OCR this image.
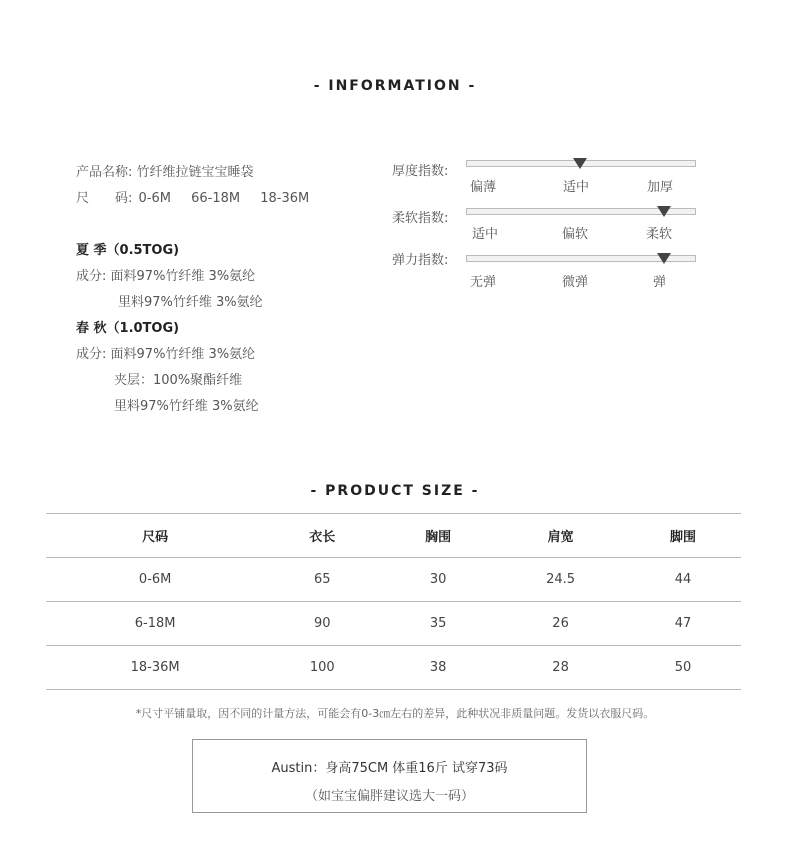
- INFORMATION -
产品名称: 竹纤维拉链宝宝睡袋
尺　　码: 0-6M 66-18M 18-36M
夏 季（0.5TOG)
成分: 面料97%竹纤维 3%氨纶
里料97%竹纤维 3%氨纶
春 秋（1.0TOG)
成分: 面料97%竹纤维 3%氨纶
夹层：100%聚酯纤维
里料97%竹纤维 3%氨纶
厚度指数:
偏薄	适中	加厚
柔软指数:
适中	偏软	柔软
弹力指数:
无弹	微弹	弹
- PRODUCT SIZE -
尺码	衣长	胸围	肩宽	脚围
0-6M	65	30	24.5	44
6-18M	90	35	26	47
18-36M	100	38	28	50
*尺寸平铺量取，因不同的计量方法，可能会有0-3㎝左右的差异，此种状况非质量问题。发货以衣服尺码。
Austin：身高75CM 体重16斤 试穿73码
（如宝宝偏胖建议选大一码）
